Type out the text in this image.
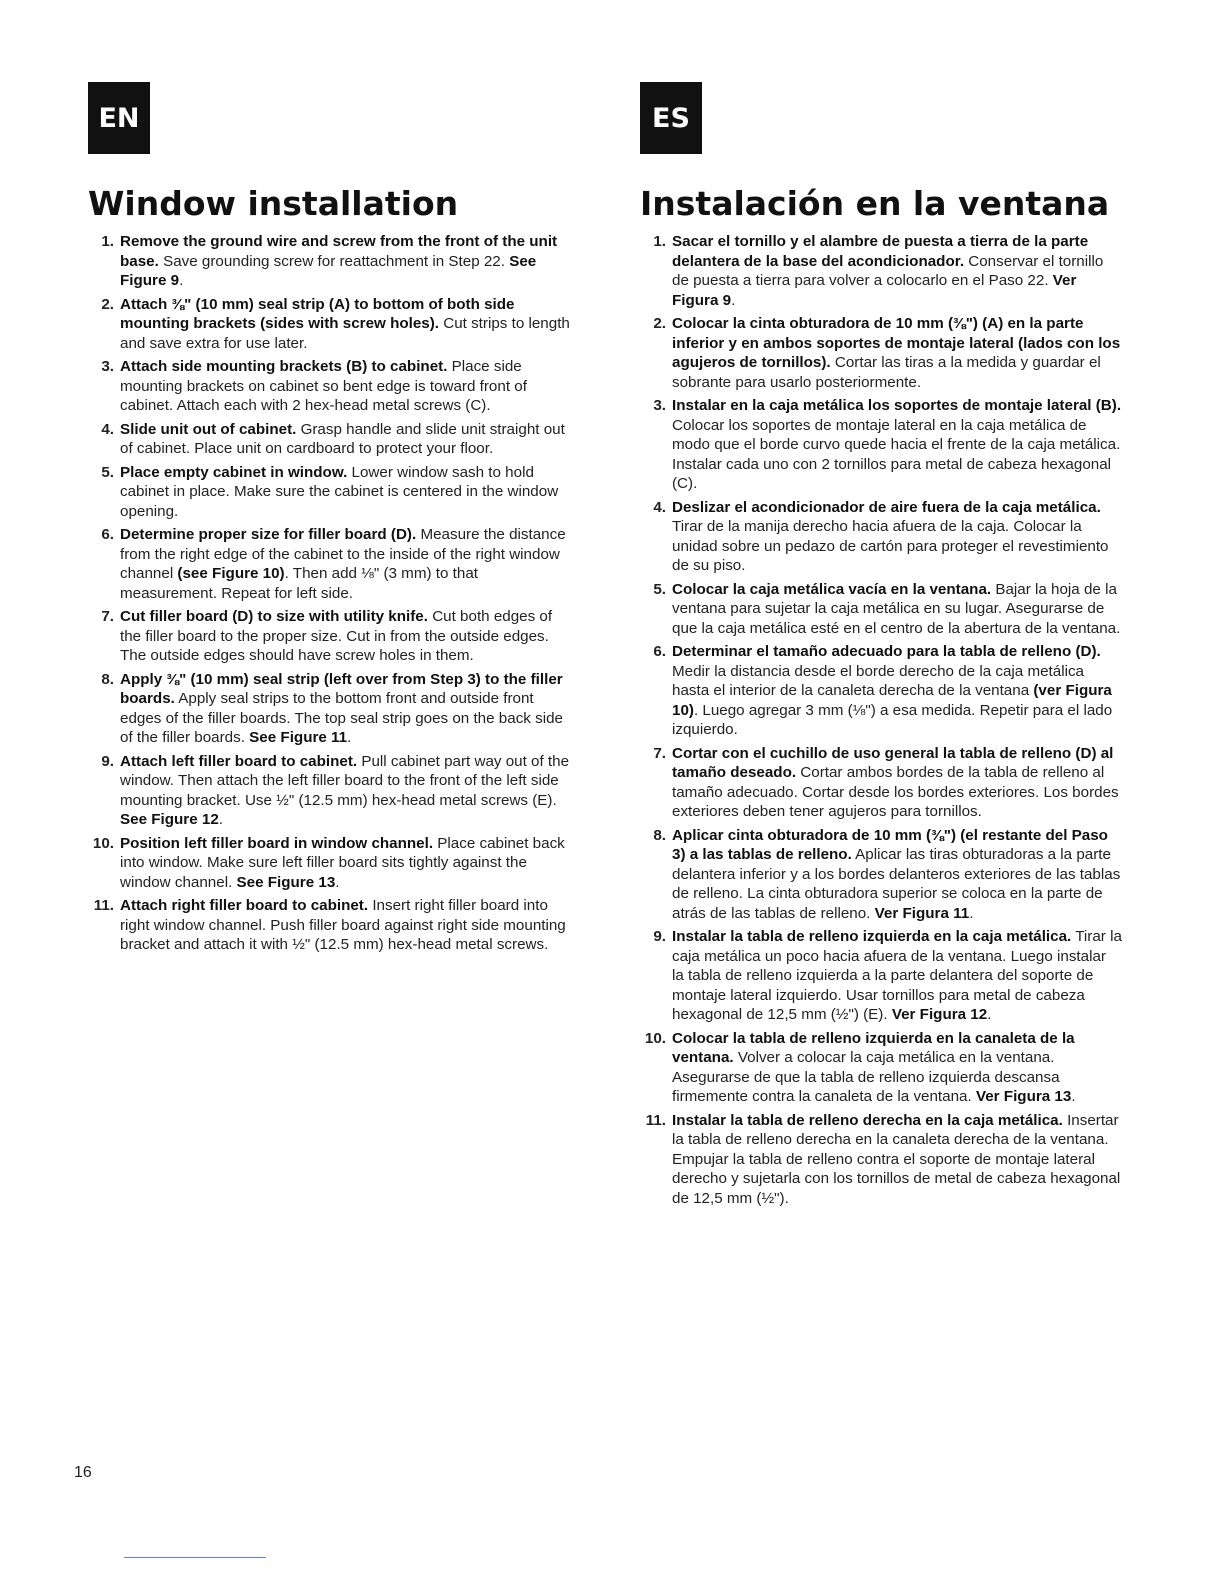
EN
Window installation
1. Remove the ground wire and screw from the front of the unit base. Save grounding screw for reattachment in Step 22. See Figure 9.
2. Attach ⅜" (10 mm) seal strip (A) to bottom of both side mounting brackets (sides with screw holes). Cut strips to length and save extra for use later.
3. Attach side mounting brackets (B) to cabinet. Place side mounting brackets on cabinet so bent edge is toward front of cabinet. Attach each with 2 hex-head metal screws (C).
4. Slide unit out of cabinet. Grasp handle and slide unit straight out of cabinet. Place unit on cardboard to protect your floor.
5. Place empty cabinet in window. Lower window sash to hold cabinet in place. Make sure the cabinet is centered in the window opening.
6. Determine proper size for filler board (D). Measure the distance from the right edge of the cabinet to the inside of the right window channel (see Figure 10). Then add ⅛" (3 mm) to that measurement. Repeat for left side.
7. Cut filler board (D) to size with utility knife. Cut both edges of the filler board to the proper size. Cut in from the outside edges. The outside edges should have screw holes in them.
8. Apply ⅜" (10 mm) seal strip (left over from Step 3) to the filler boards. Apply seal strips to the bottom front and outside front edges of the filler boards. The top seal strip goes on the back side of the filler boards. See Figure 11.
9. Attach left filler board to cabinet. Pull cabinet part way out of the window. Then attach the left filler board to the front of the left side mounting bracket. Use ½" (12.5 mm) hex-head metal screws (E). See Figure 12.
10. Position left filler board in window channel. Place cabinet back into window. Make sure left filler board sits tightly against the window channel. See Figure 13.
11. Attach right filler board to cabinet. Insert right filler board into right window channel. Push filler board against right side mounting bracket and attach it with ½" (12.5 mm) hex-head metal screws.
ES
Instalación en la ventana
1. Sacar el tornillo y el alambre de puesta a tierra de la parte delantera de la base del acondicionador. Conservar el tornillo de puesta a tierra para volver a colocarlo en el Paso 22. Ver Figura 9.
2. Colocar la cinta obturadora de 10 mm (⅜") (A) en la parte inferior y en ambos soportes de montaje lateral (lados con los agujeros de tornillos). Cortar las tiras a la medida y guardar el sobrante para usarlo posteriormente.
3. Instalar en la caja metálica los soportes de montaje lateral (B). Colocar los soportes de montaje lateral en la caja metálica de modo que el borde curvo quede hacia el frente de la caja metálica. Instalar cada uno con 2 tornillos para metal de cabeza hexagonal (C).
4. Deslizar el acondicionador de aire fuera de la caja metálica. Tirar de la manija derecho hacia afuera de la caja. Colocar la unidad sobre un pedazo de cartón para proteger el revestimiento de su piso.
5. Colocar la caja metálica vacía en la ventana. Bajar la hoja de la ventana para sujetar la caja metálica en su lugar. Asegurarse de que la caja metálica esté en el centro de la abertura de la ventana.
6. Determinar el tamaño adecuado para la tabla de relleno (D). Medir la distancia desde el borde derecho de la caja metálica hasta el interior de la canaleta derecha de la ventana (ver Figura 10). Luego agregar 3 mm (⅛") a esa medida. Repetir para el lado izquierdo.
7. Cortar con el cuchillo de uso general la tabla de relleno (D) al tamaño deseado. Cortar ambos bordes de la tabla de relleno al tamaño adecuado. Cortar desde los bordes exteriores. Los bordes exteriores deben tener agujeros para tornillos.
8. Aplicar cinta obturadora de 10 mm (⅜") (el restante del Paso 3) a las tablas de relleno. Aplicar las tiras obturadoras a la parte delantera inferior y a los bordes delanteros exteriores de las tablas de relleno. La cinta obturadora superior se coloca en la parte de atrás de las tablas de relleno. Ver Figura 11.
9. Instalar la tabla de relleno izquierda en la caja metálica. Tirar la caja metálica un poco hacia afuera de la ventana. Luego instalar la tabla de relleno izquierda a la parte delantera del soporte de montaje lateral izquierdo. Usar tornillos para metal de cabeza hexagonal de 12,5 mm (½") (E). Ver Figura 12.
10. Colocar la tabla de relleno izquierda en la canaleta de la ventana. Volver a colocar la caja metálica en la ventana. Asegurarse de que la tabla de relleno izquierda descansa firmemente contra la canaleta de la ventana. Ver Figura 13.
11. Instalar la tabla de relleno derecha en la caja metálica. Insertar la tabla de relleno derecha en la canaleta derecha de la ventana. Empujar la tabla de relleno contra el soporte de montaje lateral derecho y sujetarla con los tornillos de metal de cabeza hexagonal de 12,5 mm (½").
16
